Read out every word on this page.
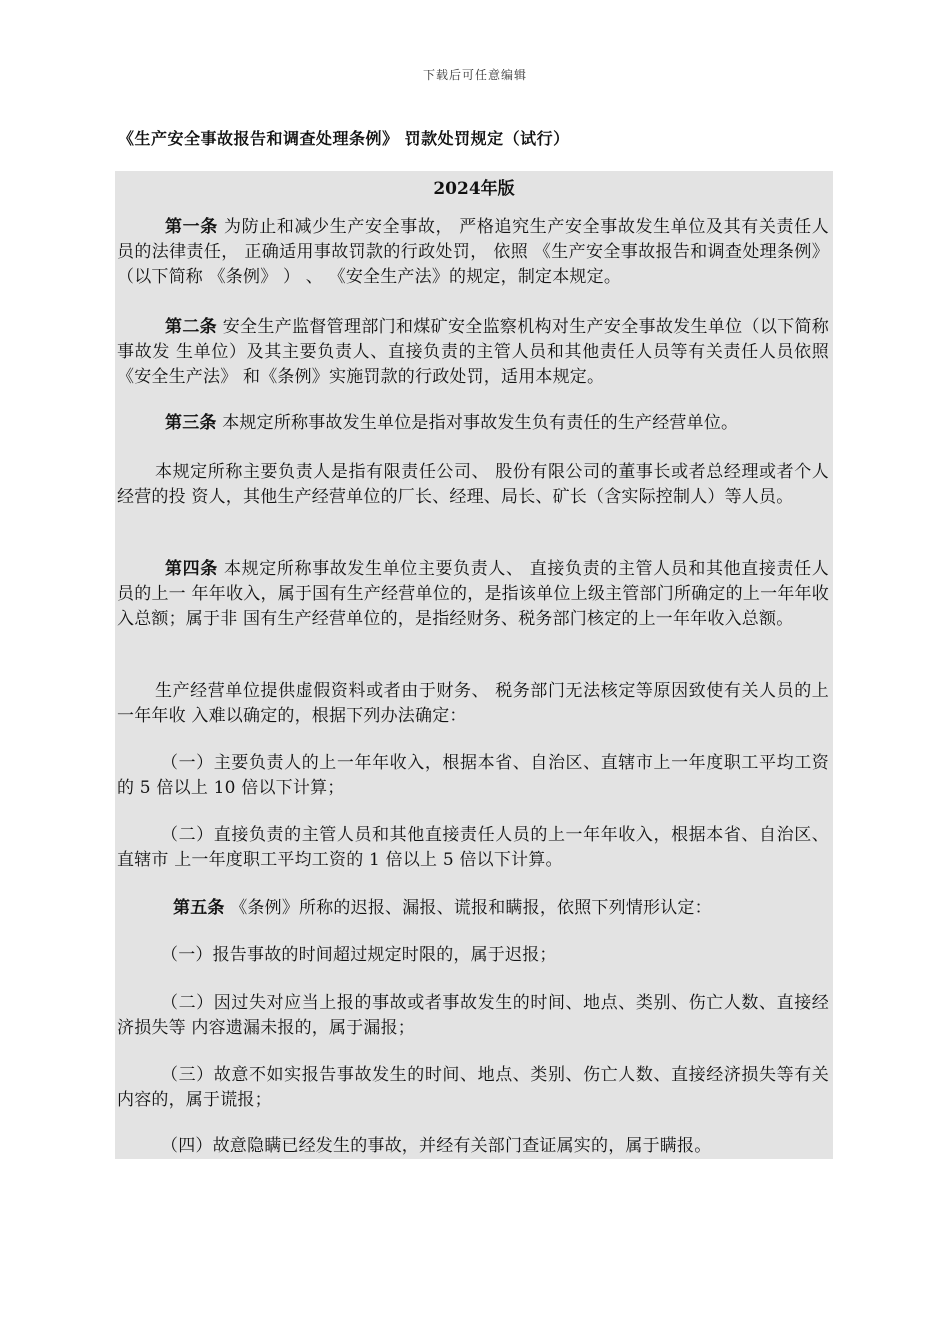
下载后可任意编辑
《生产安全事故报告和调查处理条例》 罚款处罚规定（试行）
2024年版
第一条 为防止和减少生产安全事故， 严格追究生产安全事故发生单位及其有关责任人员的法律责任， 正确适用事故罚款的行政处罚， 依照 《生产安全事故报告和调查处理条例》 （以下简称 《条例》 ） 、 《安全生产法》的规定，制定本规定。
第二条 安全生产监督管理部门和煤矿安全监察机构对生产安全事故发生单位（以下简称事故发 生单位）及其主要负责人、直接负责的主管人员和其他责任人员等有关责任人员依照《安全生产法》 和《条例》实施罚款的行政处罚，适用本规定。
第三条 本规定所称事故发生单位是指对事故发生负有责任的生产经营单位。
本规定所称主要负责人是指有限责任公司、 股份有限公司的董事长或者总经理或者个人经营的投 资人，其他生产经营单位的厂长、经理、局长、矿长（含实际控制人）等人员。
第四条 本规定所称事故发生单位主要负责人、 直接负责的主管人员和其他直接责任人员的上一 年年收入，属于国有生产经营单位的，是指该单位上级主管部门所确定的上一年年收入总额；属于非 国有生产经营单位的，是指经财务、税务部门核定的上一年年收入总额。
生产经营单位提供虚假资料或者由于财务、 税务部门无法核定等原因致使有关人员的上一年年收 入难以确定的，根据下列办法确定：
（一）主要负责人的上一年年收入，根据本省、自治区、直辖市上一年度职工平均工资的 5 倍以上 10 倍以下计算；
（二）直接负责的主管人员和其他直接责任人员的上一年年收入，根据本省、自治区、直辖市 上一年度职工平均工资的 1 倍以上 5 倍以下计算。
第五条 《条例》所称的迟报、漏报、谎报和瞒报，依照下列情形认定：
（一）报告事故的时间超过规定时限的，属于迟报；
（二）因过失对应当上报的事故或者事故发生的时间、地点、类别、伤亡人数、直接经济损失等 内容遗漏未报的，属于漏报；
（三）故意不如实报告事故发生的时间、地点、类别、伤亡人数、直接经济损失等有关内容的，属于谎报；
（四）故意隐瞒已经发生的事故，并经有关部门查证属实的，属于瞒报。
